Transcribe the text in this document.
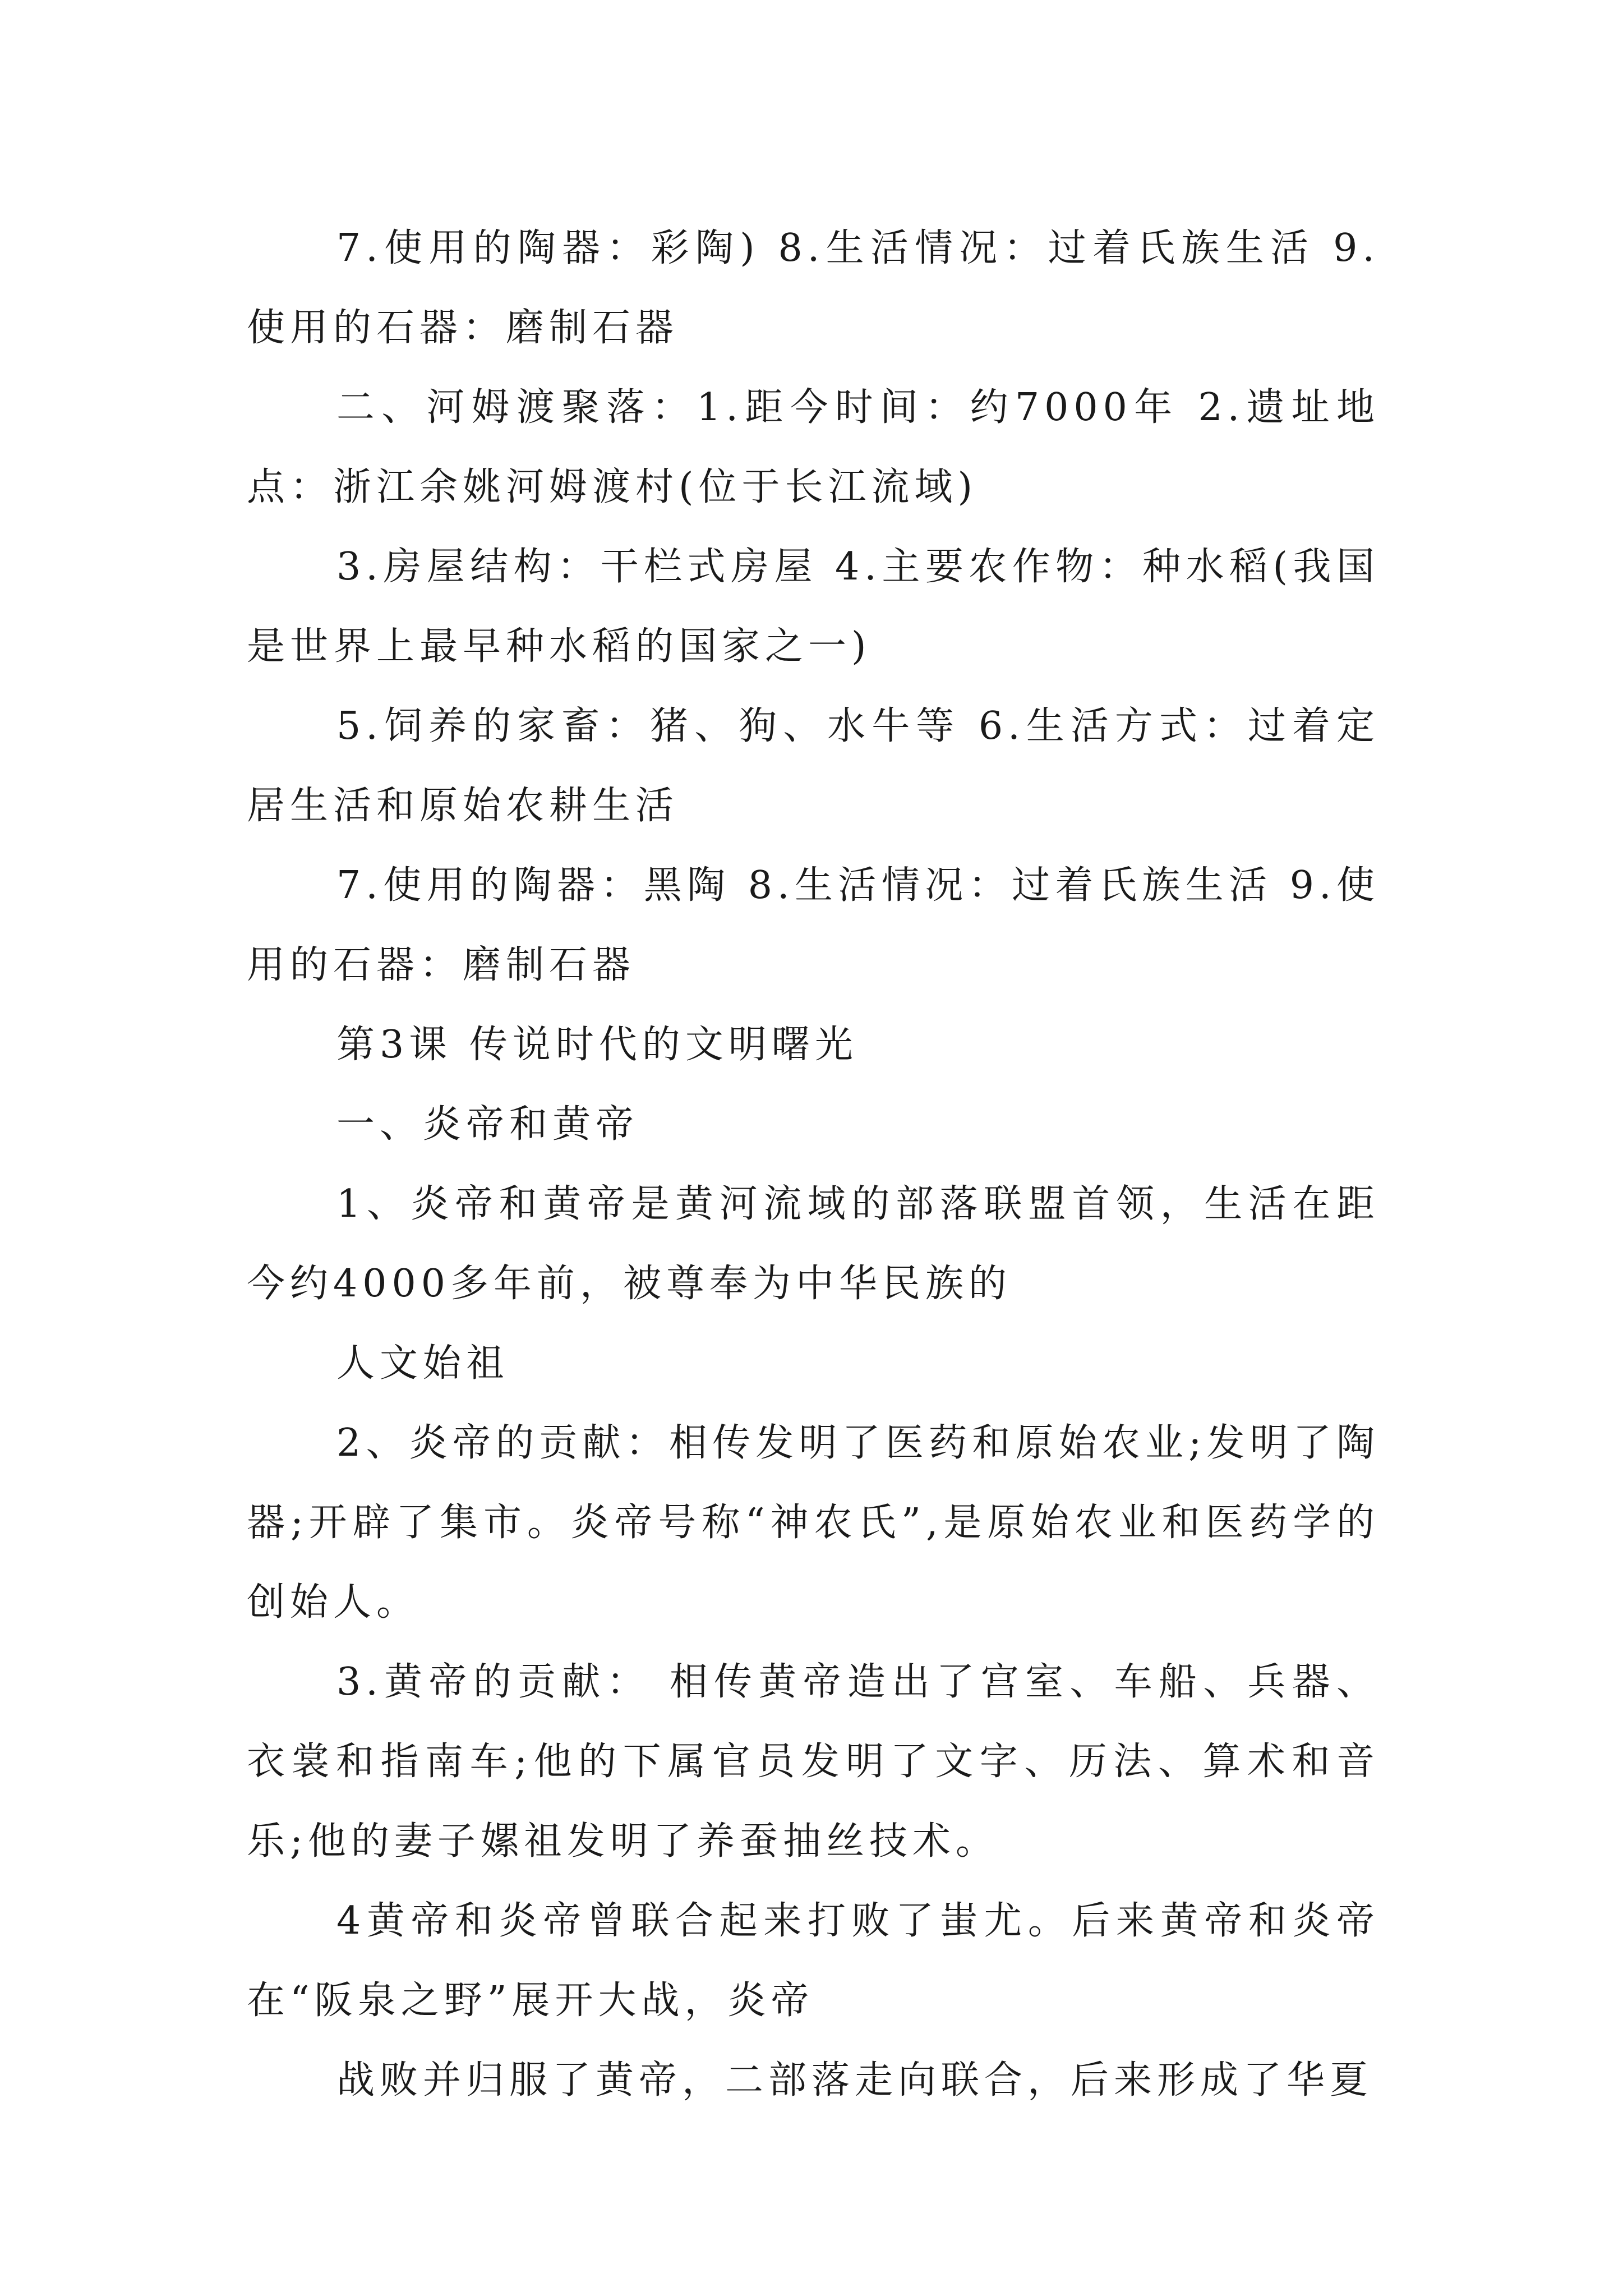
7.使用的陶器：彩陶) 8.生活情况：过着氏族生活 9.使用的石器：磨制石器

二、河姆渡聚落：1.距今时间：约7000年 2.遗址地点：浙江余姚河姆渡村(位于长江流域)

3.房屋结构：干栏式房屋 4.主要农作物：种水稻(我国是世界上最早种水稻的国家之一)

5.饲养的家畜：猪、狗、水牛等 6.生活方式：过着定居生活和原始农耕生活

7.使用的陶器：黑陶 8.生活情况：过着氏族生活 9.使用的石器：磨制石器

第3课 传说时代的文明曙光

一、炎帝和黄帝

1、炎帝和黄帝是黄河流域的部落联盟首领，生活在距今约4000多年前，被尊奉为中华民族的

人文始祖

2、炎帝的贡献：相传发明了医药和原始农业;发明了陶器;开辟了集市。炎帝号称“神农氏”,是原始农业和医药学的创始人。

3.黄帝的贡献： 相传黄帝造出了宫室、车船、兵器、衣裳和指南车;他的下属官员发明了文字、历法、算术和音乐;他的妻子嫘祖发明了养蚕抽丝技术。

4黄帝和炎帝曾联合起来打败了蚩尤。后来黄帝和炎帝在“阪泉之野”展开大战，炎帝

战败并归服了黄帝，二部落走向联合，后来形成了华夏
